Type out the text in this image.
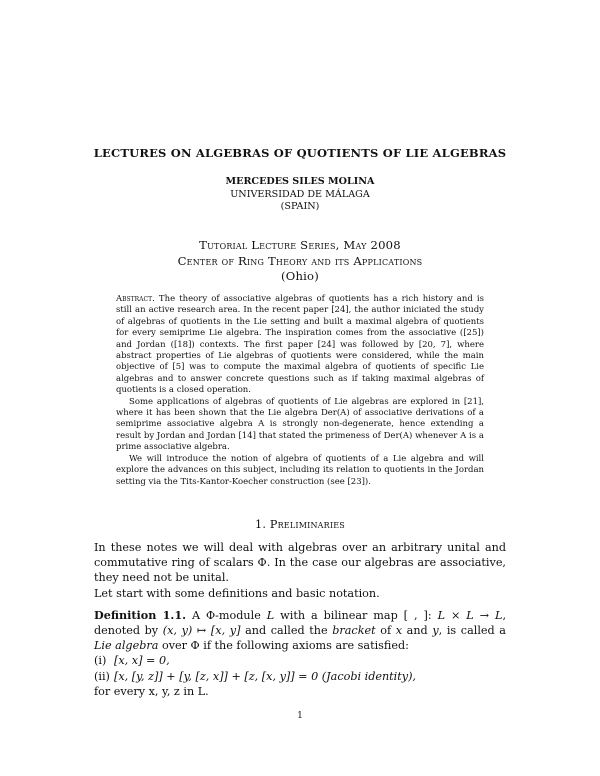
LECTURES ON ALGEBRAS OF QUOTIENTS OF LIE ALGEBRAS
MERCEDES SILES MOLINA
UNIVERSIDAD DE MÁLAGA
(SPAIN)
Tutorial Lecture Series, May 2008
Center of Ring Theory and its Applications
(Ohio)

Abstract. The theory of associative algebras of quotients has a rich history and is still an active research area. In the recent paper [24], the author iniciated the study of algebras of quotients in the Lie setting and built a maximal algebra of quotients for every semiprime Lie algebra. The inspiration comes from the associative ([25]) and Jordan ([18]) contexts. The first paper [24] was followed by [20, 7], where abstract properties of Lie algebras of quotients were considered, while the main objective of [5] was to compute the maximal algebra of quotients of specific Lie algebras and to answer concrete questions such as if taking maximal algebras of quotients is a closed operation.

Some applications of algebras of quotients of Lie algebras are explored in [21], where it has been shown that the Lie algebra Der(A) of associative derivations of a semiprime associative algebra A is strongly non-degenerate, hence extending a result by Jordan and Jordan [14] that stated the primeness of Der(A) whenever A is a prime associative algebra.

We will introduce the notion of algebra of quotients of a Lie algebra and will explore the advances on this subject, including its relation to quotients in the Jordan setting via the Tits-Kantor-Koecher construction (see [23]).

1. Preliminaries

In these notes we will deal with algebras over an arbitrary unital and commutative ring of scalars Φ. In the case our algebras are associative, they need not be unital.

Let start with some definitions and basic notation.

Definition 1.1. A Φ-module L with a bilinear map [ , ]: L × L → L, denoted by (x, y) ↦ [x, y] and called the bracket of x and y, is called a Lie algebra over Φ if the following axioms are satisfied:

(i) [x, x] = 0,

(ii) [x, [y, z]] + [y, [z, x]] + [z, [x, y]] = 0 (Jacobi identity),

for every x, y, z in L.

1
